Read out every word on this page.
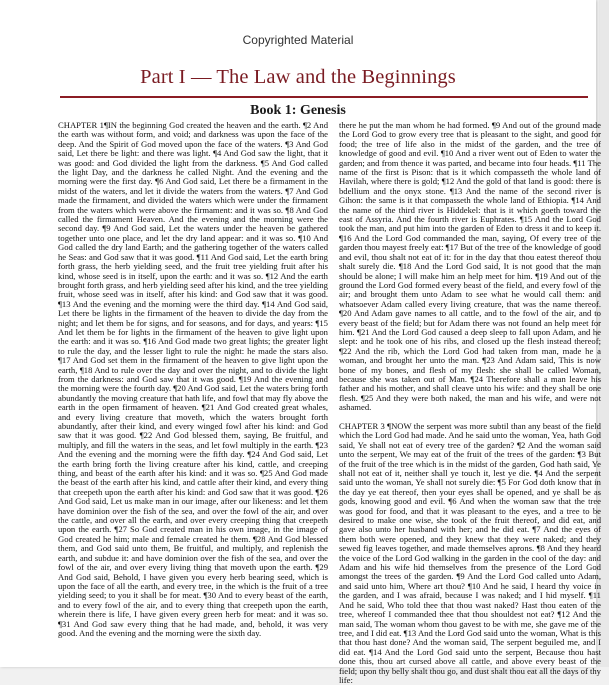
Copyrighted Material
Part I — The Law and the Beginnings
Book 1: Genesis

CHAPTER 1¶IN the beginning God created the heaven and the earth. ¶2 And the earth was without form, and void; and darkness was upon the face of the deep. And the Spirit of God moved upon the face of the waters. ¶3 And God said, Let there be light: and there was light. ¶4 And God saw the light, that it was good: and God divided the light from the darkness. ¶5 And God called the light Day, and the darkness he called Night. And the evening and the morning were the first day. ¶6 And God said, Let there be a firmament in the midst of the waters, and let it divide the waters from the waters. ¶7 And God made the firmament, and divided the waters which were under the firmament from the waters which were above the firmament: and it was so. ¶8 And God called the firmament Heaven. And the evening and the morning were the second day. ¶9 And God said, Let the waters under the heaven be gathered together unto one place, and let the dry land appear: and it was so. ¶10 And God called the dry land Earth; and the gathering together of the waters called he Seas: and God saw that it was good. ¶11 And God said, Let the earth bring forth grass, the herb yielding seed, and the fruit tree yielding fruit after his kind, whose seed is in itself, upon the earth: and it was so. ¶12 And the earth brought forth grass, and herb yielding seed after his kind, and the tree yielding fruit, whose seed was in itself, after his kind: and God saw that it was good. ¶13 And the evening and the morning were the third day. ¶14 And God said, Let there be lights in the firmament of the heaven to divide the day from the night; and let them be for signs, and for seasons, and for days, and years: ¶15 And let them be for lights in the firmament of the heaven to give light upon the earth: and it was so. ¶16 And God made two great lights; the greater light to rule the day, and the lesser light to rule the night: he made the stars also. ¶17 And God set them in the firmament of the heaven to give light upon the earth, ¶18 And to rule over the day and over the night, and to divide the light from the darkness: and God saw that it was good. ¶19 And the evening and the morning were the fourth day. ¶20 And God said, Let the waters bring forth abundantly the moving creature that hath life, and fowl that may fly above the earth in the open firmament of heaven. ¶21 And God created great whales, and every living creature that moveth, which the waters brought forth abundantly, after their kind, and every winged fowl after his kind: and God saw that it was good. ¶22 And God blessed them, saying, Be fruitful, and multiply, and fill the waters in the seas, and let fowl multiply in the earth. ¶23 And the evening and the morning were the fifth day. ¶24 And God said, Let the earth bring forth the living creature after his kind, cattle, and creeping thing, and beast of the earth after his kind: and it was so. ¶25 And God made the beast of the earth after his kind, and cattle after their kind, and every thing that creepeth upon the earth after his kind: and God saw that it was good. ¶26 And God said, Let us make man in our image, after our likeness: and let them have dominion over the fish of the sea, and over the fowl of the air, and over the cattle, and over all the earth, and over every creeping thing that creepeth upon the earth. ¶27 So God created man in his own image, in the image of God created he him; male and female created he them. ¶28 And God blessed them, and God said unto them, Be fruitful, and multiply, and replenish the earth, and subdue it: and have dominion over the fish of the sea, and over the fowl of the air, and over every living thing that moveth upon the earth. ¶29 And God said, Behold, I have given you every herb bearing seed, which is upon the face of all the earth, and every tree, in the which is the fruit of a tree yielding seed; to you it shall be for meat. ¶30 And to every beast of the earth, and to every fowl of the air, and to every thing that creepeth upon the earth, wherein there is life, I have given every green herb for meat: and it was so. ¶31 And God saw every thing that he had made, and, behold, it was very good. And the evening and the morning were the sixth day.

there he put the man whom he had formed. ¶9 And out of the ground made the Lord God to grow every tree that is pleasant to the sight, and good for food; the tree of life also in the midst of the garden, and the tree of knowledge of good and evil. ¶10 And a river went out of Eden to water the garden; and from thence it was parted, and became into four heads. ¶11 The name of the first is Pison: that is it which compasseth the whole land of Havilah, where there is gold; ¶12 And the gold of that land is good: there is bdellium and the onyx stone. ¶13 And the name of the second river is Gihon: the same is it that compasseth the whole land of Ethiopia. ¶14 And the name of the third river is Hiddekel: that is it which goeth toward the east of Assyria. And the fourth river is Euphrates. ¶15 And the Lord God took the man, and put him into the garden of Eden to dress it and to keep it. ¶16 And the Lord God commanded the man, saying, Of every tree of the garden thou mayest freely eat: ¶17 But of the tree of the knowledge of good and evil, thou shalt not eat of it: for in the day that thou eatest thereof thou shalt surely die. ¶18 And the Lord God said, It is not good that the man should be alone; I will make him an help meet for him. ¶19 And out of the ground the Lord God formed every beast of the field, and every fowl of the air; and brought them unto Adam to see what he would call them: and whatsoever Adam called every living creature, that was the name thereof. ¶20 And Adam gave names to all cattle, and to the fowl of the air, and to every beast of the field; but for Adam there was not found an help meet for him. ¶21 And the Lord God caused a deep sleep to fall upon Adam, and he slept: and he took one of his ribs, and closed up the flesh instead thereof; ¶22 And the rib, which the Lord God had taken from man, made he a woman, and brought her unto the man. ¶23 And Adam said, This is now bone of my bones, and flesh of my flesh: she shall be called Woman, because she was taken out of Man. ¶24 Therefore shall a man leave his father and his mother, and shall cleave unto his wife: and they shall be one flesh. ¶25 And they were both naked, the man and his wife, and were not ashamed.

CHAPTER 3 ¶NOW the serpent was more subtil than any beast of the field which the Lord God had made. And he said unto the woman, Yea, hath God said, Ye shall not eat of every tree of the garden? ¶2 And the woman said unto the serpent, We may eat of the fruit of the trees of the garden: ¶3 But of the fruit of the tree which is in the midst of the garden, God hath said, Ye shall not eat of it, neither shall ye touch it, lest ye die. ¶4 And the serpent said unto the woman, Ye shall not surely die: ¶5 For God doth know that in the day ye eat thereof, then your eyes shall be opened, and ye shall be as gods, knowing good and evil. ¶6 And when the woman saw that the tree was good for food, and that it was pleasant to the eyes, and a tree to be desired to make one wise, she took of the fruit thereof, and did eat, and gave also unto her husband with her; and he did eat. ¶7 And the eyes of them both were opened, and they knew that they were naked; and they sewed fig leaves together, and made themselves aprons. ¶8 And they heard the voice of the Lord God walking in the garden in the cool of the day: and Adam and his wife hid themselves from the presence of the Lord God amongst the trees of the garden. ¶9 And the Lord God called unto Adam, and said unto him, Where art thou? ¶10 And he said, I heard thy voice in the garden, and I was afraid, because I was naked; and I hid myself. ¶11 And he said, Who told thee that thou wast naked? Hast thou eaten of the tree, whereof I commanded thee that thou shouldest not eat? ¶12 And the man said, The woman whom thou gavest to be with me, she gave me of the tree, and I did eat. ¶13 And the Lord God said unto the woman, What is this that thou hast done? And the woman said, The serpent beguiled me, and I did eat. ¶14 And the Lord God said unto the serpent, Because thou hast done this, thou art cursed above all cattle, and above every beast of the field; upon thy belly shalt thou go, and dust shalt thou eat all the days of thy life:
